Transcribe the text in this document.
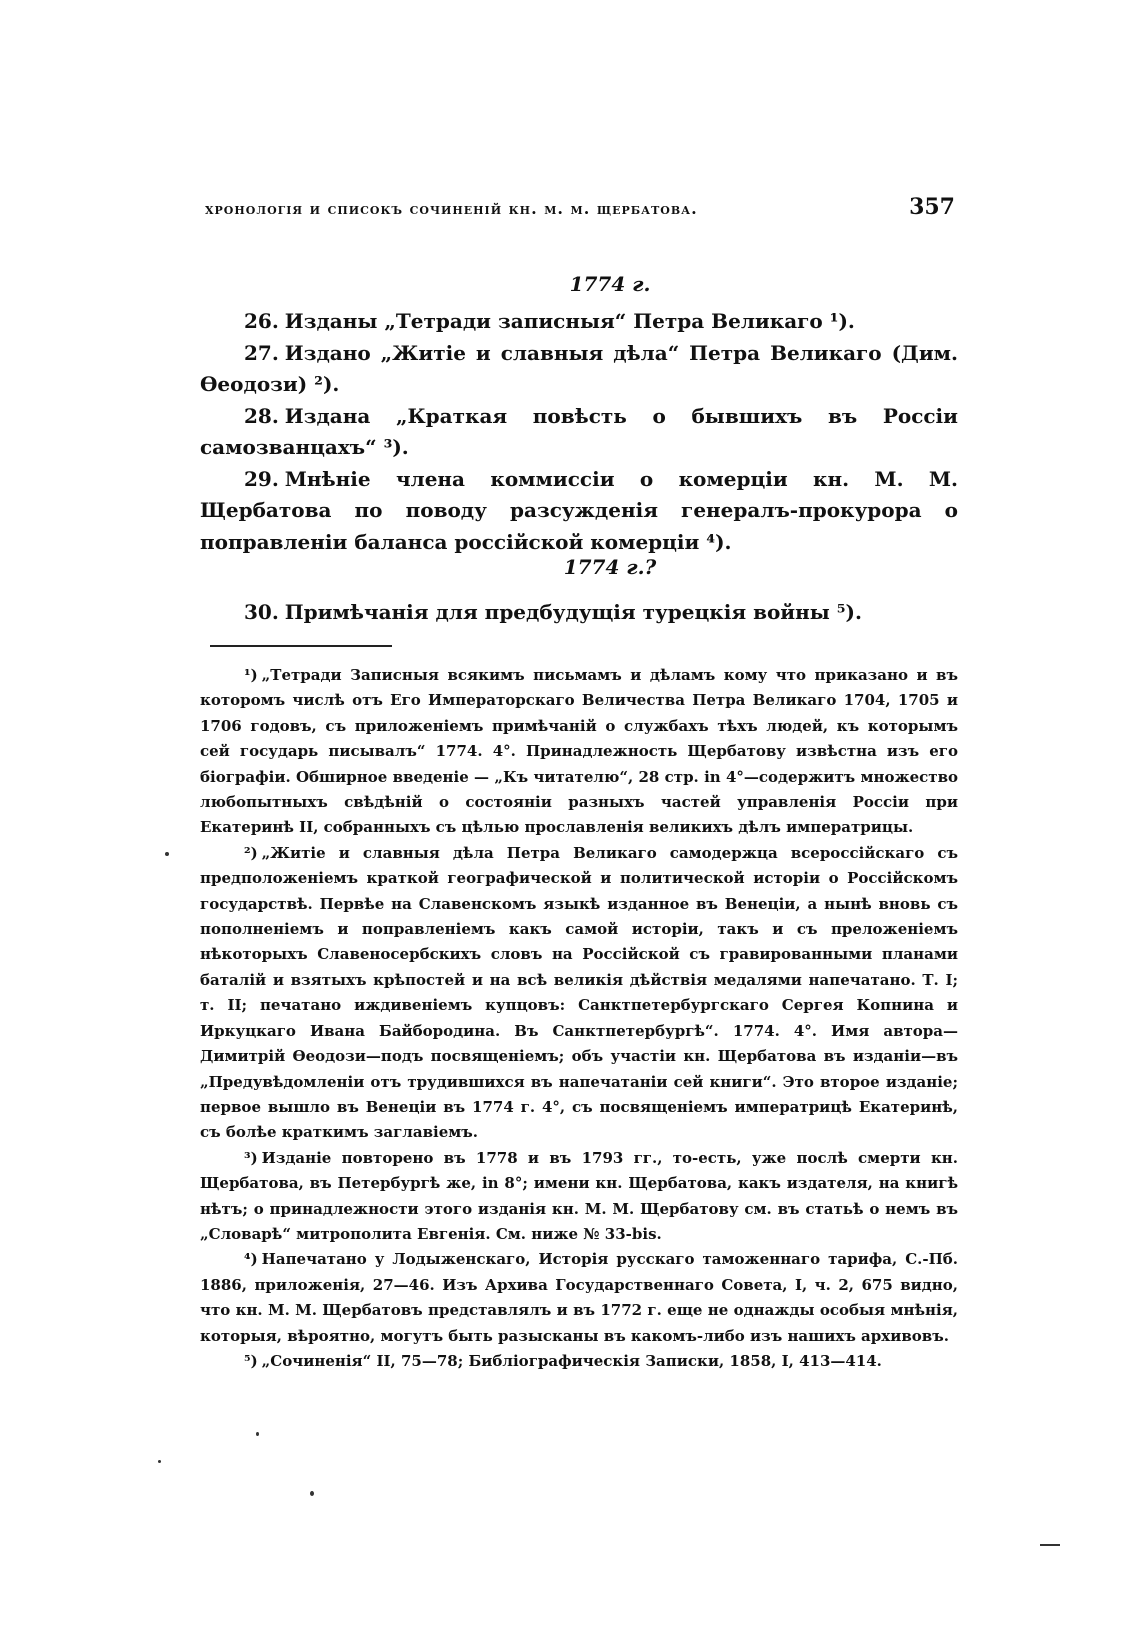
хронологія и списокъ сочиненій кн. м. м. щербатова.	357
1774 г.

26. Изданы „Тетради записныя“ Петра Великаго ¹).

27. Издано „Житіе и славныя дѣла“ Петра Великаго (Дим. Өеодози) ²).

28. Издана „Краткая повѣсть о бывшихъ въ Россіи самозванцахъ“ ³).

29. Мнѣніе члена коммиссіи о комерціи кн. М. М. Щербатова по поводу разсужденія генералъ-прокурора о поправленіи баланса россійской комерціи ⁴).

1774 г.?

30. Примѣчанія для предбудущія турецкія войны ⁵).

¹) „Тетради Записныя всякимъ письмамъ и дѣламъ кому что приказано и въ которомъ числѣ отъ Его Императорскаго Величества Петра Великаго 1704, 1705 и 1706 годовъ, съ приложеніемъ примѣчаній о службахъ тѣхъ людей, къ которымъ сей государь писывалъ“ 1774. 4°. Принадлежность Щербатову извѣстна изъ его біографіи. Обширное введеніе — „Къ читателю“, 28 стр. in 4°—содержитъ множество любопытныхъ свѣдѣній о состояніи разныхъ частей управленія Россіи при Екатеринѣ II, собранныхъ съ цѣлью прославленія великихъ дѣлъ императрицы.

²) „Житіе и славныя дѣла Петра Великаго самодержца всероссійскаго съ предположеніемъ краткой географической и политической исторіи о Россійскомъ государствѣ. Первѣе на Славенскомъ языкѣ изданное въ Венеціи, а нынѣ вновь съ пополненіемъ и поправленіемъ какъ самой исторіи, такъ и съ преложеніемъ нѣкоторыхъ Славеносербскихъ словъ на Россійской съ гравированными планами баталій и взятыхъ крѣпостей и на всѣ великія дѣйствія медалями напечатано. Т. I; т. II; печатано иждивеніемъ купцовъ: Санктпетербургскаго Сергея Копнина и Иркуцкаго Ивана Байбородина. Въ Санктпетербургѣ“. 1774. 4°. Имя автора—Димитрій Өеодози—подъ посвященіемъ; объ участіи кн. Щербатова въ изданіи—въ „Предувѣдомленіи отъ трудившихся въ напечатаніи сей книги“. Это второе изданіе; первое вышло въ Венеціи въ 1774 г. 4°, съ посвященіемъ императрицѣ Екатеринѣ, съ болѣе краткимъ заглавіемъ.

³) Изданіе повторено въ 1778 и въ 1793 гг., то-есть, уже послѣ смерти кн. Щербатова, въ Петербургѣ же, in 8°; имени кн. Щербатова, какъ издателя, на книгѣ нѣтъ; о принадлежности этого изданія кн. М. М. Щербатову см. въ статьѣ о немъ въ „Словарѣ“ митрополита Евгенія. См. ниже № 33-bis.

⁴) Напечатано у Лодыженскаго, Исторія русскаго таможеннаго тарифа, С.-Пб. 1886, приложенія, 27—46. Изъ Архива Государственнаго Совета, I, ч. 2, 675 видно, что кн. М. М. Щербатовъ представлялъ и въ 1772 г. еще не однажды особыя мнѣнія, которыя, вѣроятно, могутъ быть разысканы въ какомъ-либо изъ нашихъ архивовъ.

⁵) „Сочиненія“ II, 75—78; Библіографическія Записки, 1858, I, 413—414.
